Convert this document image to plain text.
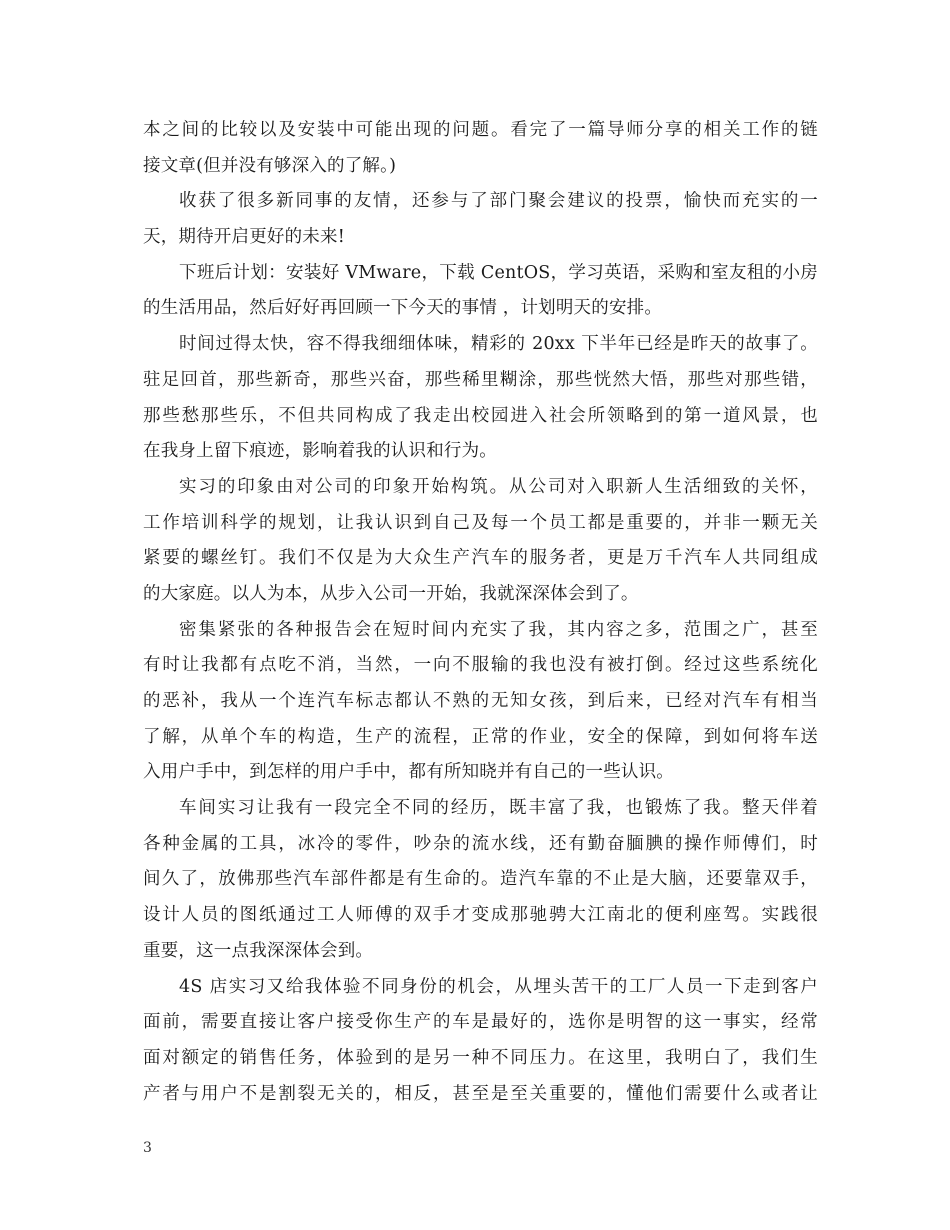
本之间的比较以及安装中可能出现的问题。看完了一篇导师分享的相关工作的链
接文章(但并没有够深入的了解。)
收获了很多新同事的友情，还参与了部门聚会建议的投票，愉快而充实的一
天，期待开启更好的未来!
下班后计划：安装好 VMware，下载 CentOS，学习英语，采购和室友租的小房
的生活用品，然后好好再回顾一下今天的事情 ，计划明天的安排。
时间过得太快，容不得我细细体味，精彩的 20xx 下半年已经是昨天的故事了。
驻足回首，那些新奇，那些兴奋，那些稀里糊涂，那些恍然大悟，那些对那些错，
那些愁那些乐，不但共同构成了我走出校园进入社会所领略到的第一道风景，也
在我身上留下痕迹，影响着我的认识和行为。
实习的印象由对公司的印象开始构筑。从公司对入职新人生活细致的关怀，
工作培训科学的规划，让我认识到自己及每一个员工都是重要的，并非一颗无关
紧要的螺丝钉。我们不仅是为大众生产汽车的服务者，更是万千汽车人共同组成
的大家庭。以人为本，从步入公司一开始，我就深深体会到了。
密集紧张的各种报告会在短时间内充实了我，其内容之多，范围之广，甚至
有时让我都有点吃不消，当然，一向不服输的我也没有被打倒。经过这些系统化
的恶补，我从一个连汽车标志都认不熟的无知女孩，到后来，已经对汽车有相当
了解，从单个车的构造，生产的流程，正常的作业，安全的保障，到如何将车送
入用户手中，到怎样的用户手中，都有所知晓并有自己的一些认识。
车间实习让我有一段完全不同的经历，既丰富了我，也锻炼了我。整天伴着
各种金属的工具，冰冷的零件，吵杂的流水线，还有勤奋腼腆的操作师傅们，时
间久了，放佛那些汽车部件都是有生命的。造汽车靠的不止是大脑，还要靠双手，
设计人员的图纸通过工人师傅的双手才变成那驰骋大江南北的便利座驾。实践很
重要，这一点我深深体会到。
4S 店实习又给我体验不同身份的机会，从埋头苦干的工厂人员一下走到客户
面前，需要直接让客户接受你生产的车是最好的，选你是明智的这一事实，经常
面对额定的销售任务，体验到的是另一种不同压力。在这里，我明白了，我们生
产者与用户不是割裂无关的，相反，甚至是至关重要的，懂他们需要什么或者让
3
